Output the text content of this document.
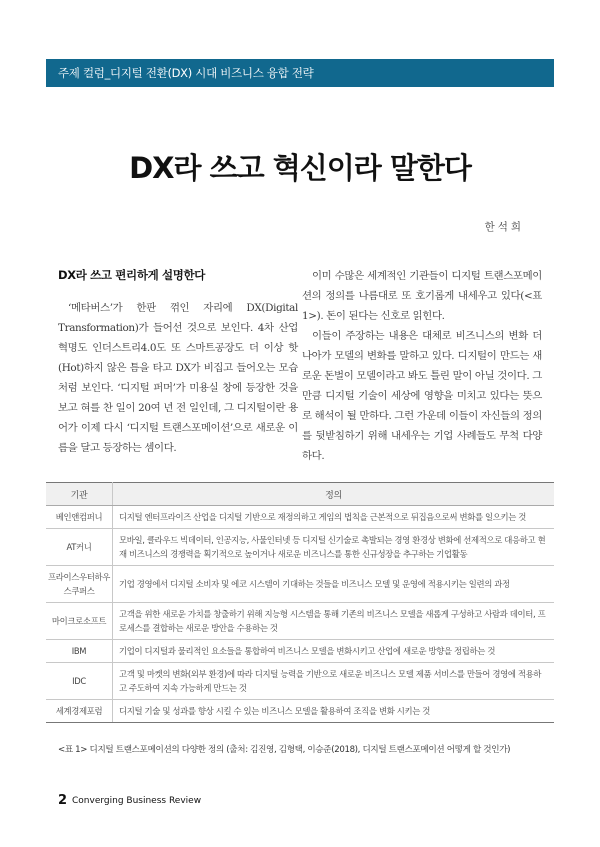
주제 컬럼_디지털 전환(DX) 시대 비즈니스 융합 전략
DX라 쓰고 혁신이라 말한다
한석희
DX라 쓰고 편리하게 설명한다

‘메타버스’가 한판 꺾인 자리에 DX(Digital Transformation)가 들어선 것으로 보인다. 4차 산업혁명도 인더스트리4.0도 또 스마트공장도 더 이상 핫(Hot)하지 않은 틈을 타고 DX가 비집고 들어오는 모습처럼 보인다. ‘디지털 퍼머’가 미용실 창에 등장한 것을 보고 혀를 찬 일이 20여 년 전 일인데, 그 디지털이란 용어가 이제 다시 ‘디지털 트랜스포메이션’으로 새로운 이름을 달고 등장하는 셈이다.

이미 수많은 세계적인 기관들이 디지털 트랜스포메이션의 정의를 나름대로 또 호기롭게 내세우고 있다(<표 1>). 돈이 된다는 신호로 읽힌다.

이들이 주장하는 내용은 대체로 비즈니스의 변화 더 나아가 모델의 변화를 말하고 있다. 디지털이 만드는 새로운 돈벌이 모델이라고 봐도 틀린 말이 아닐 것이다. 그만큼 디지털 기술이 세상에 영향을 미치고 있다는 뜻으로 해석이 될 만하다. 그런 가운데 이들이 자신들의 정의를 뒷받침하기 위해 내세우는 기업 사례들도 무척 다양하다.

기관	정의
베인앤컴퍼니	디지털 엔터프라이즈 산업을 디지털 기반으로 재정의하고 게임의 법칙을 근본적으로 뒤집음으로써 변화를 일으키는 것
AT커니	모바일, 클라우드 빅데이터, 인공지능, 사물인터넷 등 디지털 신기술로 촉발되는 경영 환경상 변화에 선제적으로 대응하고 현재 비즈니스의 경쟁력을 획기적으로 높이거나 새로운 비즈니스를 통한 신규성장을 추구하는 기업활동
프라이스우터하우스쿠퍼스	기업 경영에서 디지털 소비자 및 에코 시스템이 기대하는 것들을 비즈니스 모델 및 운영에 적용시키는 일련의 과정
마이크로소프트	고객을 위한 새로운 가치를 창출하기 위해 지능형 시스템을 통해 기존의 비즈니스 모델을 새롭게 구성하고 사람과 데이터, 프로세스를 결합하는 새로운 방안을 수용하는 것
IBM	기업이 디지털과 물리적인 요소들을 통합하여 비즈니스 모델을 변화시키고 산업에 새로운 방향을 정립하는 것
IDC	고객 및 마켓의 변화(외부 환경)에 따라 디지털 능력을 기반으로 새로운 비즈니스 모델 제품 서비스를 만들어 경영에 적용하고 주도하여 지속 가능하게 만드는 것
세계경제포럼	디지털 기술 및 성과를 향상 시킬 수 있는 비즈니스 모델을 활용하여 조직을 변화 시키는 것
<표 1> 디지털 트랜스포메이션의 다양한 정의 (출처: 김진영, 김형택, 이승준(2018), 디지털 트랜스포메이션 어떻게 할 것인가)
2 Converging Business Review
